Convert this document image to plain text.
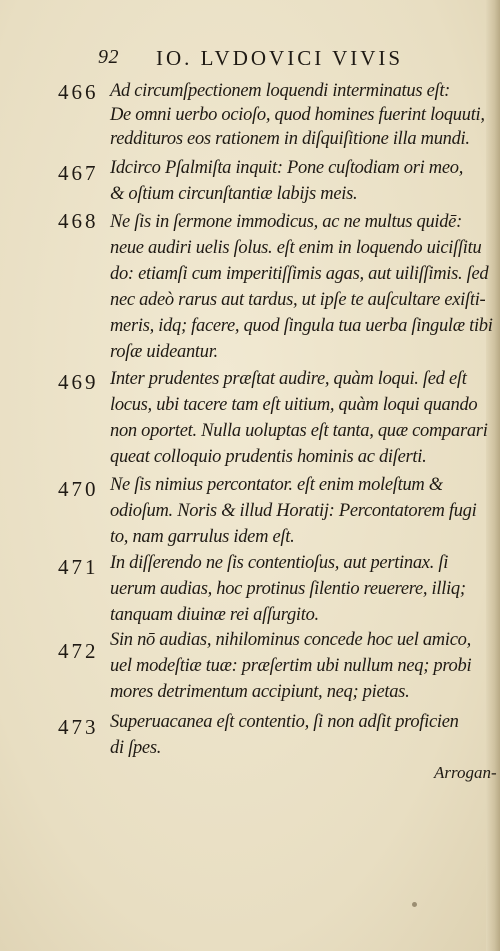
92 IO. LVDOVICI VIVIS
466 Ad circumſpectionem loquendi interminatus eſt:
De omni uerbo ocioſo, quod homines fuerint loquuti,
reddituros eos rationem in diſquiſitione illa mundi.
467 Idcirco Pſalmiſta inquit: Pone cuſtodiam ori meo,
& oſtium circunſtantiæ labijs meis.
468 Ne ſis in ſermone immodicus, ac ne multus quidē:
neue audiri uelis ſolus. eſt enim in loquendo uiciſſitu
do: etiamſi cum imperitiſſimis agas, aut uiliſſimis. ſed
nec adeò rarus aut tardus, ut ipſe te auſcultare exiſti-
meris, idq; facere, quod ſingula tua uerba ſingulæ tibi
roſæ uideantur.
469 Inter prudentes præſtat audire, quàm loqui. ſed eſt
locus, ubi tacere tam eſt uitium, quàm loqui quando
non oportet. Nulla uoluptas eſt tanta, quæ comparari
queat colloquio prudentis hominis ac diſerti.
470 Ne ſis nimius percontator. eſt enim moleſtum &
odioſum. Noris & illud Horatij: Percontatorem fugi
to, nam garrulus idem eſt.
471 In diſſerendo ne ſis contentioſus, aut pertinax. ſi
uerum audias, hoc protinus ſilentio reuerere, illiq;
tanquam diuinæ rei aſſurgito.
472 Sin nō audias, nihilominus concede hoc uel amico,
uel modeſtiæ tuæ: præſertim ubi nullum neq; probi
mores detrimentum accipiunt, neq; pietas.
473 Superuacanea eſt contentio, ſi non adſit proficien
di ſpes.
Arrogan-
